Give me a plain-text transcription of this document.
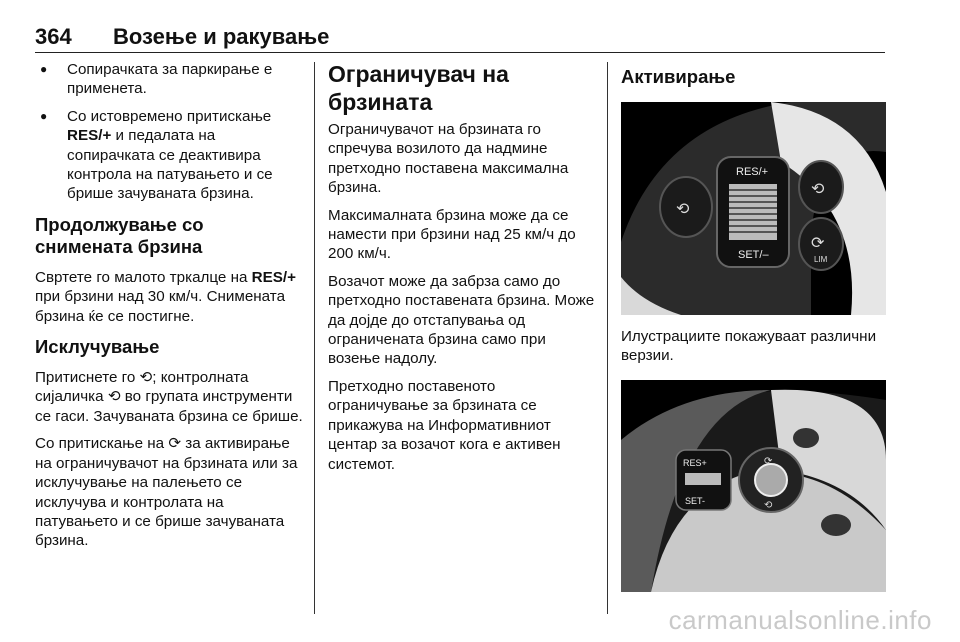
364 Возење и ракување
● Сопирачката за паркирање е применета.
● Со истовремено притискање RES/+ и педалата на сопирачката се деактивира контрола на патувањето и се брише зачуваната брзина.
Продолжување со снимената брзина

Свртете го малото тркалце на RES/+ при брзини над 30 км/ч. Снимената брзина ќе се постигне.

Исклучување

Притиснете го ⟲; контролната сијаличка ⟲ во групата инструменти се гаси. Зачуваната брзина се брише.

Со притискање на ⟳ за активирање на ограничувачот на брзината или за исклучување на палењето се исклучува и контролата на патувањето и се брише зачуваната брзина.

Ограничувач на брзината

Ограничувачот на брзината го спречува возилото да надмине претходно поставена максимална брзина.

Максималната брзина може да се намести при брзини над 25 км/ч до 200 км/ч.

Возачот може да забрза само до претходно поставената брзина. Може да дојде до отстапувања од ограничената брзина само при возење надолу.

Претходно поставеното ограничување за брзината се прикажува на Информативниот центар за возачот кога е активен системот.

Активирање
⟲
RES/+
SET/–
⟲
⟳
LIM

Илустрациите покажуваат различни верзии.

RES+
SET-
⟳
⟲
carmanualsonline.info
